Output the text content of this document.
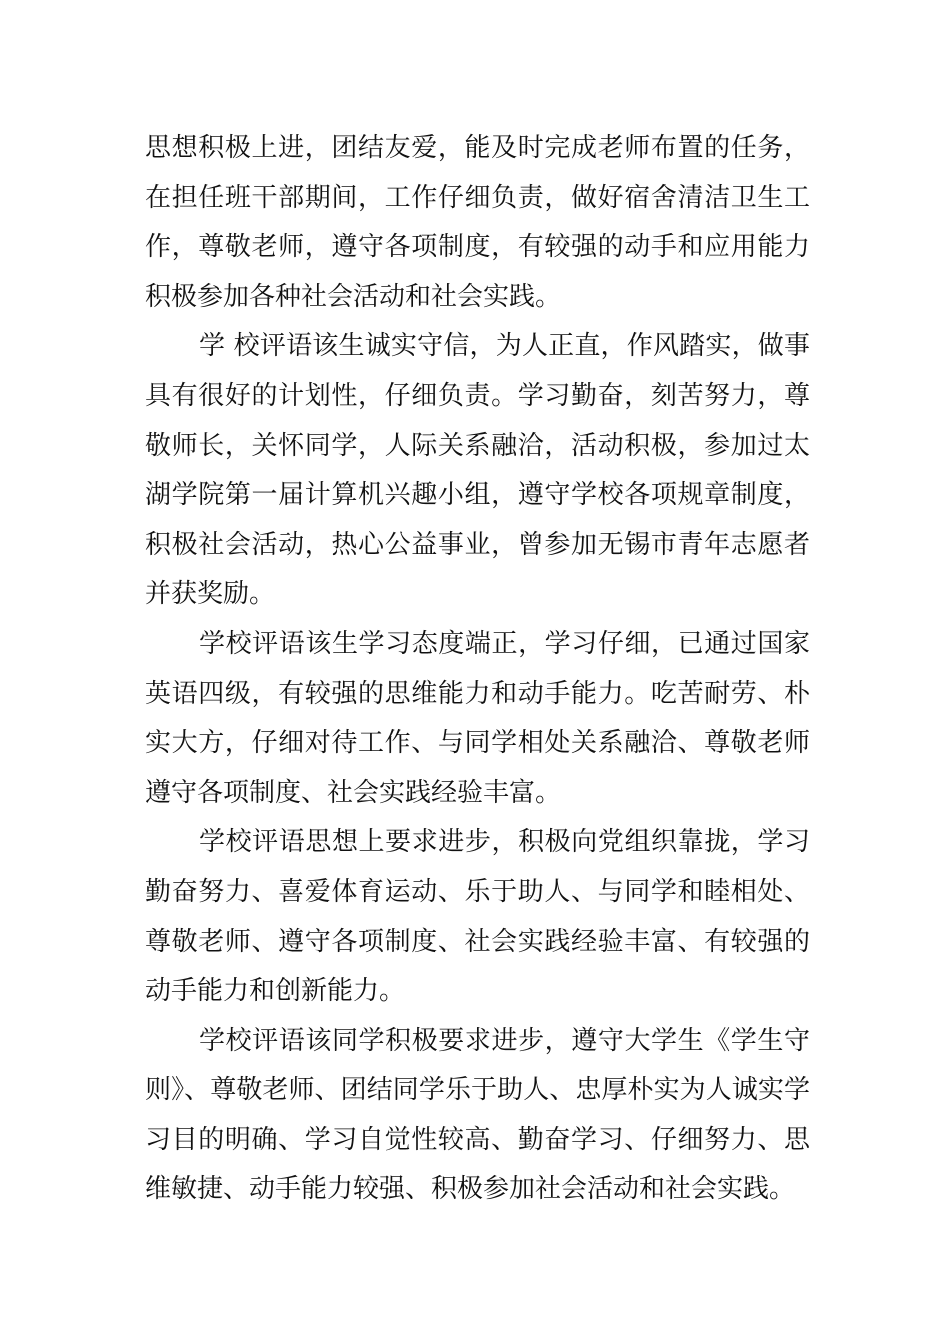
思想积极上进，团结友爱，能及时完成老师布置的任务，在担任班干部期间，工作仔细负责，做好宿舍清洁卫生工作，尊敬老师，遵守各项制度，有较强的动手和应用能力积极参加各种社会活动和社会实践。

学 校评语该生诚实守信，为人正直，作风踏实，做事具有很好的计划性，仔细负责。学习勤奋，刻苦努力，尊敬师长，关怀同学，人际关系融洽，活动积极，参加过太湖学院第一届计算机兴趣小组，遵守学校各项规章制度，积极社会活动，热心公益事业，曾参加无锡市青年志愿者并获奖励。

学校评语该生学习态度端正，学习仔细，已通过国家英语四级，有较强的思维能力和动手能力。吃苦耐劳、朴实大方，仔细对待工作、与同学相处关系融洽、尊敬老师遵守各项制度、社会实践经验丰富。

学校评语思想上要求进步，积极向党组织靠拢，学习勤奋努力、喜爱体育运动、乐于助人、与同学和睦相处、尊敬老师、遵守各项制度、社会实践经验丰富、有较强的动手能力和创新能力。

学校评语该同学积极要求进步，遵守大学生《学生守则》、尊敬老师、团结同学乐于助人、忠厚朴实为人诚实学习目的明确、学习自觉性较高、勤奋学习、仔细努力、思维敏捷、动手能力较强、积极参加社会活动和社会实践。
